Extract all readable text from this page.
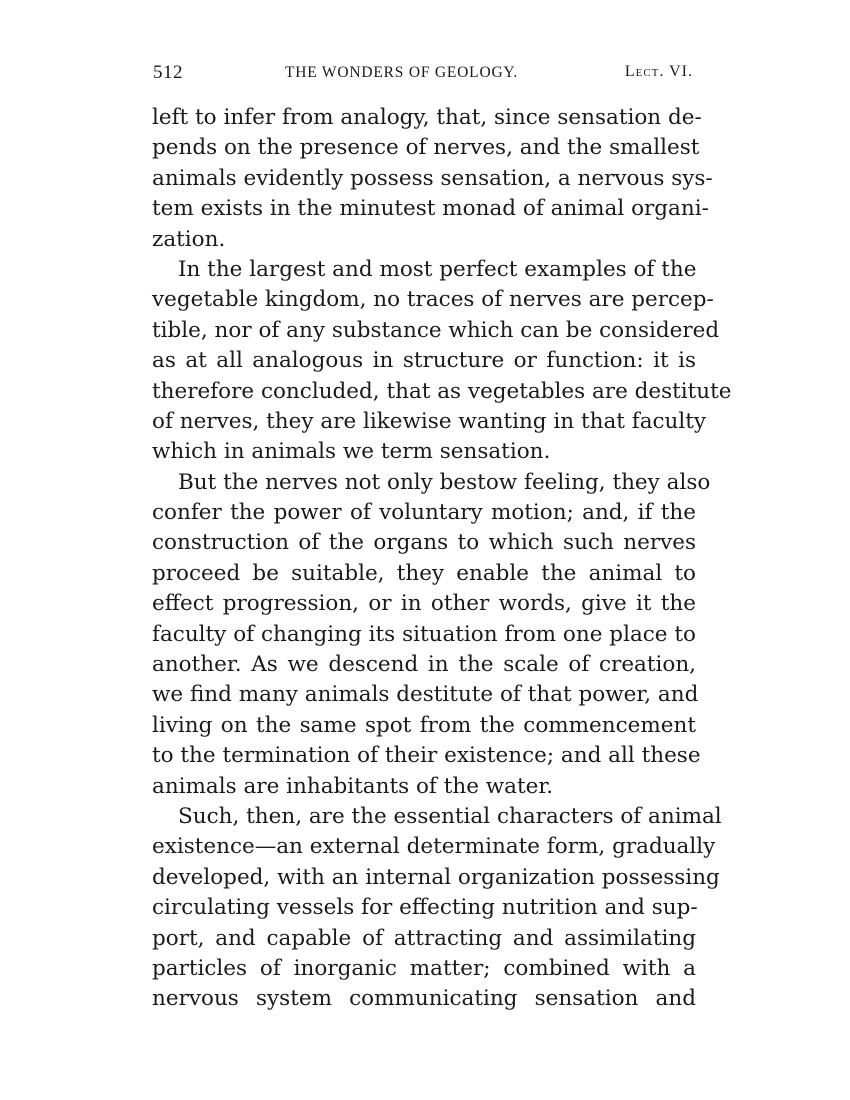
512	THE WONDERS OF GEOLOGY.	Lect. VI.
left to infer from analogy, that, since sensation de-
pends on the presence of nerves, and the smallest
animals evidently possess sensation, a nervous sys-
tem exists in the minutest monad of animal organi-
zation.
In the largest and most perfect examples of the
vegetable kingdom, no traces of nerves are percep-
tible, nor of any substance which can be considered
as at all analogous in structure or function: it is
therefore concluded, that as vegetables are destitute
of nerves, they are likewise wanting in that faculty
which in animals we term sensation.
But the nerves not only bestow feeling, they also
confer the power of voluntary motion; and, if the
construction of the organs to which such nerves
proceed be suitable, they enable the animal to
effect progression, or in other words, give it the
faculty of changing its situation from one place to
another. As we descend in the scale of creation,
we find many animals destitute of that power, and
living on the same spot from the commencement
to the termination of their existence; and all these
animals are inhabitants of the water.
Such, then, are the essential characters of animal
existence—an external determinate form, gradually
developed, with an internal organization possessing
circulating vessels for effecting nutrition and sup-
port, and capable of attracting and assimilating
particles of inorganic matter; combined with a
nervous system communicating sensation and
